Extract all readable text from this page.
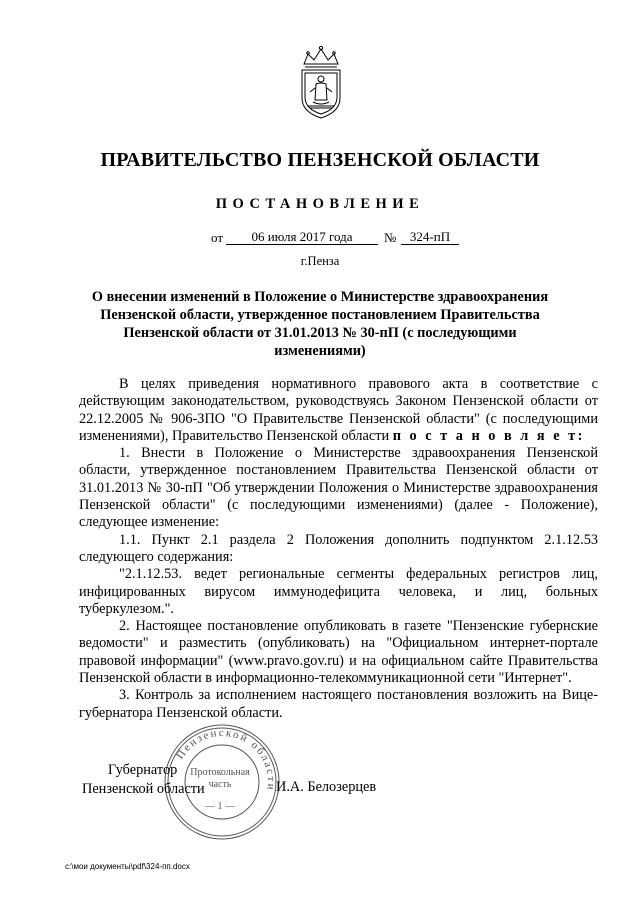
ПРАВИТЕЛЬСТВО ПЕНЗЕНСКОЙ ОБЛАСТИ
ПОСТАНОВЛЕНИЕ
от	06 июля 2017 года	№	324-пП
г.Пенза
О внесении изменений в Положение о Министерстве здравоохранения Пензенской области, утвержденное постановлением Правительства Пензенской области от 31.01.2013 № 30-пП (с последующими изменениями)

В целях приведения нормативного правового акта в соответствие с действующим законодательством, руководствуясь Законом Пензенской области от 22.12.2005 № 906-ЗПО "О Правительстве Пензенской области" (с последующими изменениями), Правительство Пензенской области п о с т а н о в л я е т:

1. Внести в Положение о Министерстве здравоохранения Пензенской области, утвержденное постановлением Правительства Пензенской области от 31.01.2013 № 30-пП "Об утверждении Положения о Министерстве здравоохранения Пензенской области" (с последующими изменениями) (далее - Положение), следующее изменение:

1.1. Пункт 2.1 раздела 2 Положения дополнить подпунктом 2.1.12.53 следующего содержания:

"2.1.12.53. ведет региональные сегменты федеральных регистров лиц, инфицированных вирусом иммунодефицита человека, и лиц, больных туберкулезом.".

2. Настоящее постановление опубликовать в газете "Пензенские губернские ведомости" и разместить (опубликовать) на "Официальном интернет-портале правовой информации" (www.pravo.gov.ru) и на официальном сайте Правительства Пензенской области в информационно-телекоммуникационной сети "Интернет".

3. Контроль за исполнением настоящего постановления возложить на Вице-губернатора Пензенской области.

Пензенской области
Протокольная
часть
— 1 —
Губернатор
Пензенской области	И.А. Белозерцев
c:\мои документы\pdf\324-пп.docx
